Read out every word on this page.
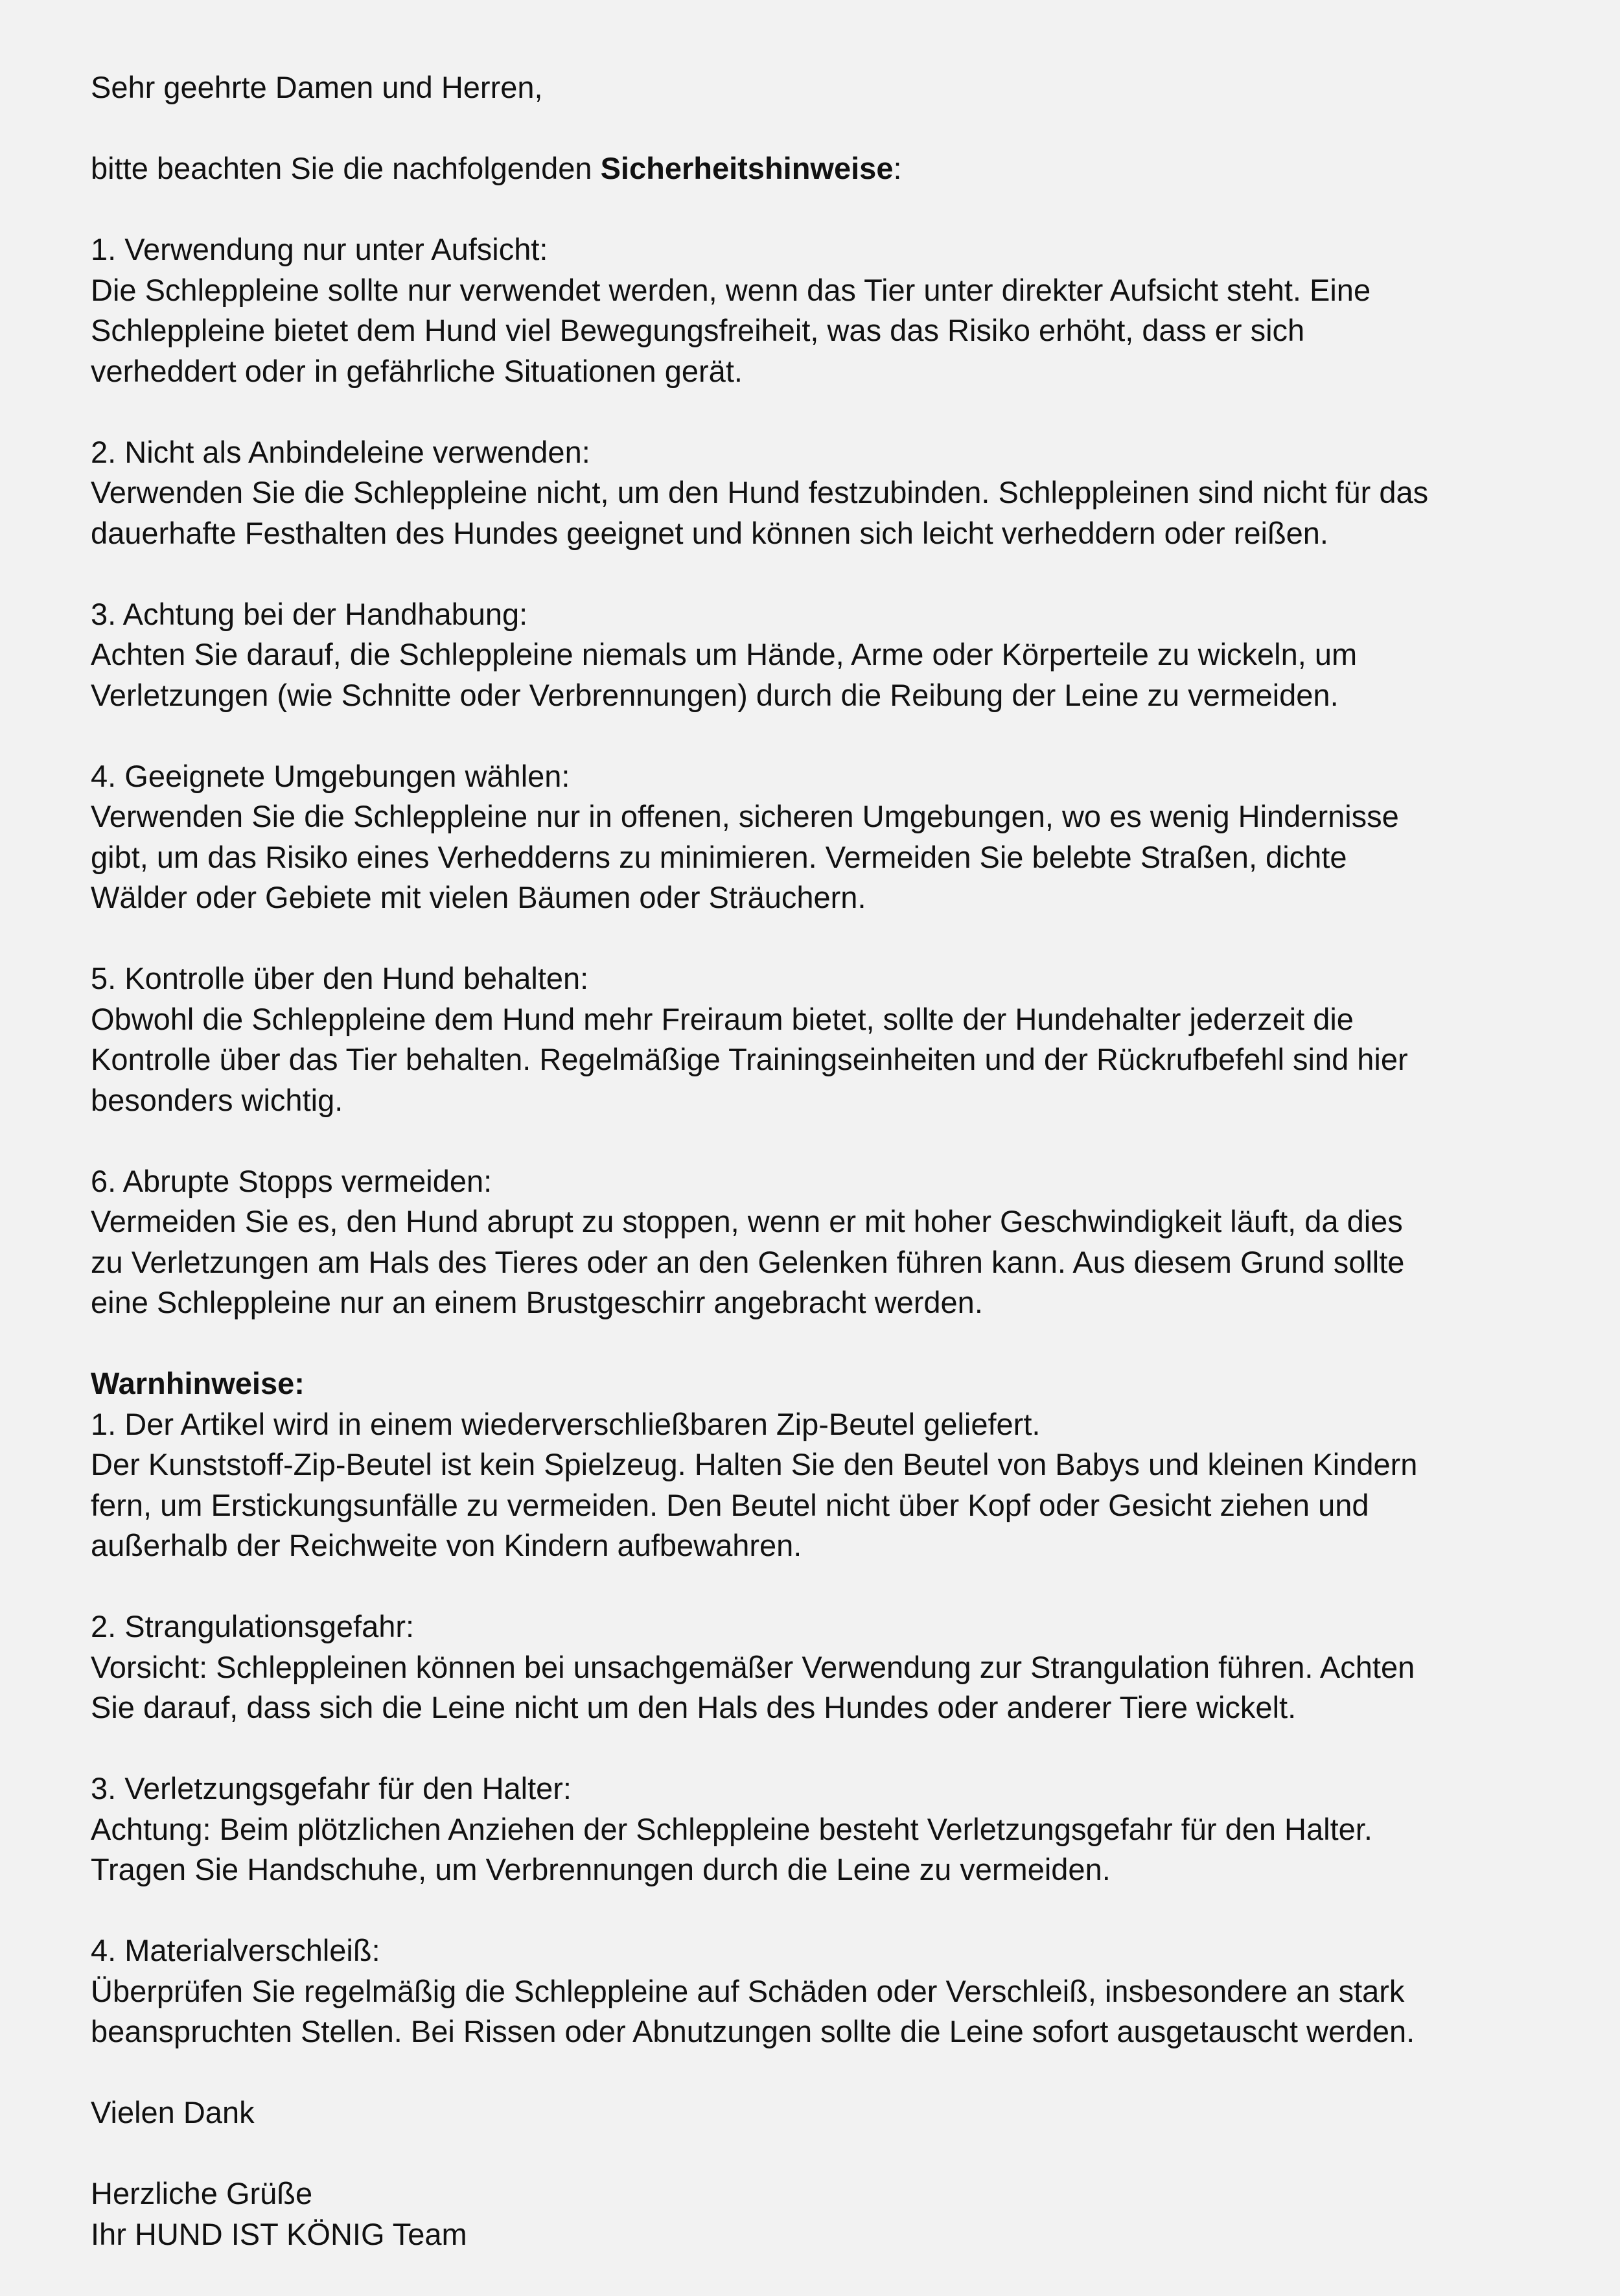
Sehr geehrte Damen und Herren,
bitte beachten Sie die nachfolgenden Sicherheitshinweise:
1. Verwendung nur unter Aufsicht:
Die Schleppleine sollte nur verwendet werden, wenn das Tier unter direkter Aufsicht steht. Eine
Schleppleine bietet dem Hund viel Bewegungsfreiheit, was das Risiko erhöht, dass er sich
verheddert oder in gefährliche Situationen gerät.
2. Nicht als Anbindeleine verwenden:
Verwenden Sie die Schleppleine nicht, um den Hund festzubinden. Schleppleinen sind nicht für das
dauerhafte Festhalten des Hundes geeignet und können sich leicht verheddern oder reißen.
3. Achtung bei der Handhabung:
Achten Sie darauf, die Schleppleine niemals um Hände, Arme oder Körperteile zu wickeln, um
Verletzungen (wie Schnitte oder Verbrennungen) durch die Reibung der Leine zu vermeiden.
4. Geeignete Umgebungen wählen:
Verwenden Sie die Schleppleine nur in offenen, sicheren Umgebungen, wo es wenig Hindernisse
gibt, um das Risiko eines Verhedderns zu minimieren. Vermeiden Sie belebte Straßen, dichte
Wälder oder Gebiete mit vielen Bäumen oder Sträuchern.
5. Kontrolle über den Hund behalten:
Obwohl die Schleppleine dem Hund mehr Freiraum bietet, sollte der Hundehalter jederzeit die
Kontrolle über das Tier behalten. Regelmäßige Trainingseinheiten und der Rückrufbefehl sind hier
besonders wichtig.
6. Abrupte Stopps vermeiden:
Vermeiden Sie es, den Hund abrupt zu stoppen, wenn er mit hoher Geschwindigkeit läuft, da dies
zu Verletzungen am Hals des Tieres oder an den Gelenken führen kann. Aus diesem Grund sollte
eine Schleppleine nur an einem Brustgeschirr angebracht werden.
Warnhinweise:
1. Der Artikel wird in einem wiederverschließbaren Zip-Beutel geliefert.
Der Kunststoff-Zip-Beutel ist kein Spielzeug. Halten Sie den Beutel von Babys und kleinen Kindern
fern, um Erstickungsunfälle zu vermeiden. Den Beutel nicht über Kopf oder Gesicht ziehen und
außerhalb der Reichweite von Kindern aufbewahren.
2. Strangulationsgefahr:
Vorsicht: Schleppleinen können bei unsachgemäßer Verwendung zur Strangulation führen. Achten
Sie darauf, dass sich die Leine nicht um den Hals des Hundes oder anderer Tiere wickelt.
3. Verletzungsgefahr für den Halter:
Achtung: Beim plötzlichen Anziehen der Schleppleine besteht Verletzungsgefahr für den Halter.
Tragen Sie Handschuhe, um Verbrennungen durch die Leine zu vermeiden.
4. Materialverschleiß:
Überprüfen Sie regelmäßig die Schleppleine auf Schäden oder Verschleiß, insbesondere an stark
beanspruchten Stellen. Bei Rissen oder Abnutzungen sollte die Leine sofort ausgetauscht werden.
Vielen Dank
Herzliche Grüße
Ihr HUND IST KÖNIG Team
